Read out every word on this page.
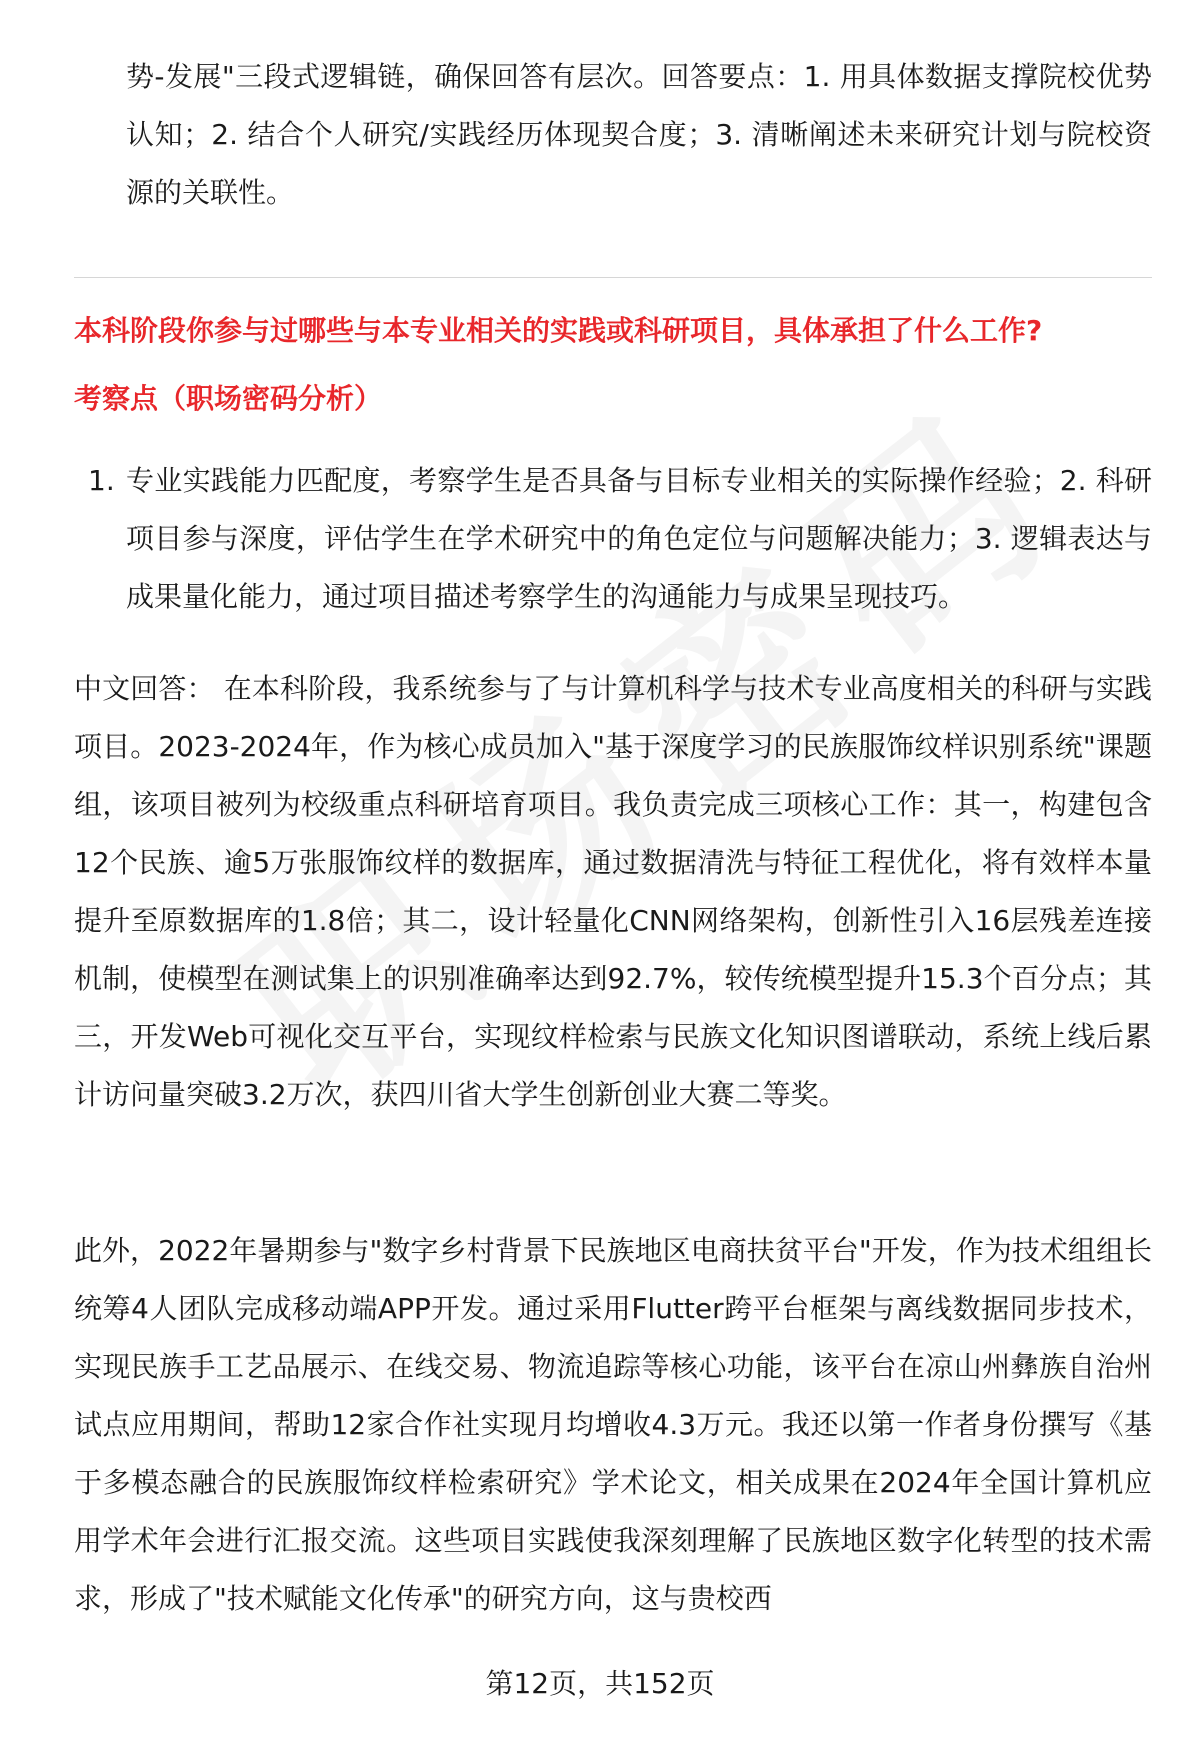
势-发展"三段式逻辑链，确保回答有层次。回答要点：1. 用具体数据支撑院校优势认知；2. 结合个人研究/实践经历体现契合度；3. 清晰阐述未来研究计划与院校资源的关联性。

本科阶段你参与过哪些与本专业相关的实践或科研项目，具体承担了什么工作?

考察点（职场密码分析）

1. 专业实践能力匹配度，考察学生是否具备与目标专业相关的实际操作经验；2. 科研项目参与深度，评估学生在学术研究中的角色定位与问题解决能力；3. 逻辑表达与成果量化能力，通过项目描述考察学生的沟通能力与成果呈现技巧。

中文回答： 在本科阶段，我系统参与了与计算机科学与技术专业高度相关的科研与实践项目。2023-2024年，作为核心成员加入"基于深度学习的民族服饰纹样识别系统"课题组，该项目被列为校级重点科研培育项目。我负责完成三项核心工作：其一，构建包含12个民族、逾5万张服饰纹样的数据库，通过数据清洗与特征工程优化，将有效样本量提升至原数据库的1.8倍；其二，设计轻量化CNN网络架构，创新性引入16层残差连接机制，使模型在测试集上的识别准确率达到92.7%，较传统模型提升15.3个百分点；其三，开发Web可视化交互平台，实现纹样检索与民族文化知识图谱联动，系统上线后累计访问量突破3.2万次，获四川省大学生创新创业大赛二等奖。

此外，2022年暑期参与"数字乡村背景下民族地区电商扶贫平台"开发，作为技术组组长统筹4人团队完成移动端APP开发。通过采用Flutter跨平台框架与离线数据同步技术，实现民族手工艺品展示、在线交易、物流追踪等核心功能，该平台在凉山州彝族自治州试点应用期间，帮助12家合作社实现月均增收4.3万元。我还以第一作者身份撰写《基于多模态融合的民族服饰纹样检索研究》学术论文，相关成果在2024年全国计算机应用学术年会进行汇报交流。这些项目实践使我深刻理解了民族地区数字化转型的技术需求，形成了"技术赋能文化传承"的研究方向，这与贵校西

第12页，共152页
